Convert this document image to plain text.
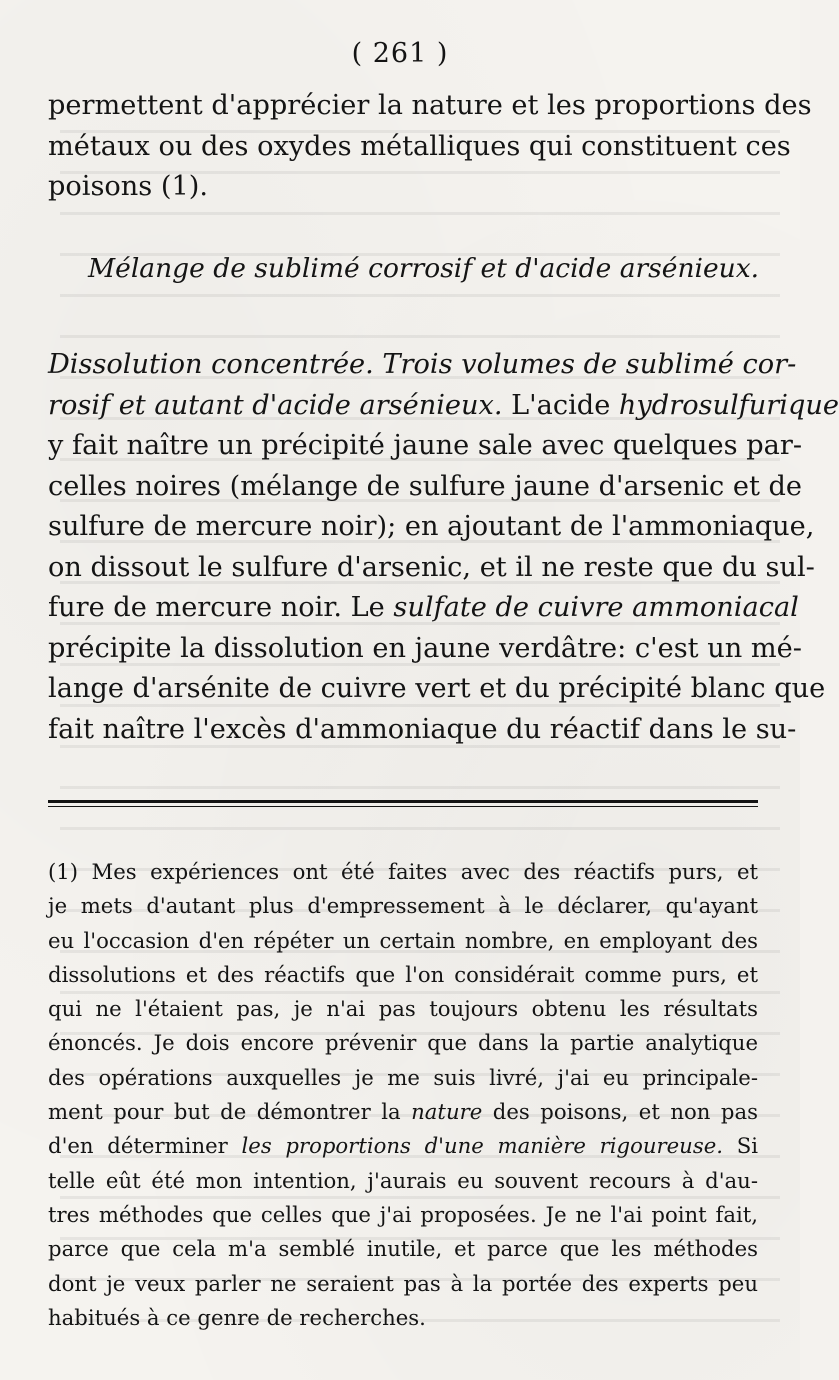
( 261 )
permettent d'apprécier la nature et les proportions des
métaux ou des oxydes métalliques qui constituent ces
poisons (1).
Mélange de sublimé corrosif et d'acide arsénieux.
Dissolution concentrée. Trois volumes de sublimé cor-
rosif et autant d'acide arsénieux. L'acide hydrosulfurique
y fait naître un précipité jaune sale avec quelques par-
celles noires (mélange de sulfure jaune d'arsenic et de
sulfure de mercure noir); en ajoutant de l'ammoniaque,
on dissout le sulfure d'arsenic, et il ne reste que du sul-
fure de mercure noir. Le sulfate de cuivre ammoniacal
précipite la dissolution en jaune verdâtre: c'est un mé-
lange d'arsénite de cuivre vert et du précipité blanc que
fait naître l'excès d'ammoniaque du réactif dans le su-
(1) Mes expériences ont été faites avec des réactifs purs, et
je mets d'autant plus d'empressement à le déclarer, qu'ayant
eu l'occasion d'en répéter un certain nombre, en employant des
dissolutions et des réactifs que l'on considérait comme purs, et
qui ne l'étaient pas, je n'ai pas toujours obtenu les résultats
énoncés. Je dois encore prévenir que dans la partie analytique
des opérations auxquelles je me suis livré, j'ai eu principale-
ment pour but de démontrer la nature des poisons, et non pas
d'en déterminer les proportions d'une manière rigoureuse. Si
telle eût été mon intention, j'aurais eu souvent recours à d'au-
tres méthodes que celles que j'ai proposées. Je ne l'ai point fait,
parce que cela m'a semblé inutile, et parce que les méthodes
dont je veux parler ne seraient pas à la portée des experts peu
habitués à ce genre de recherches.
